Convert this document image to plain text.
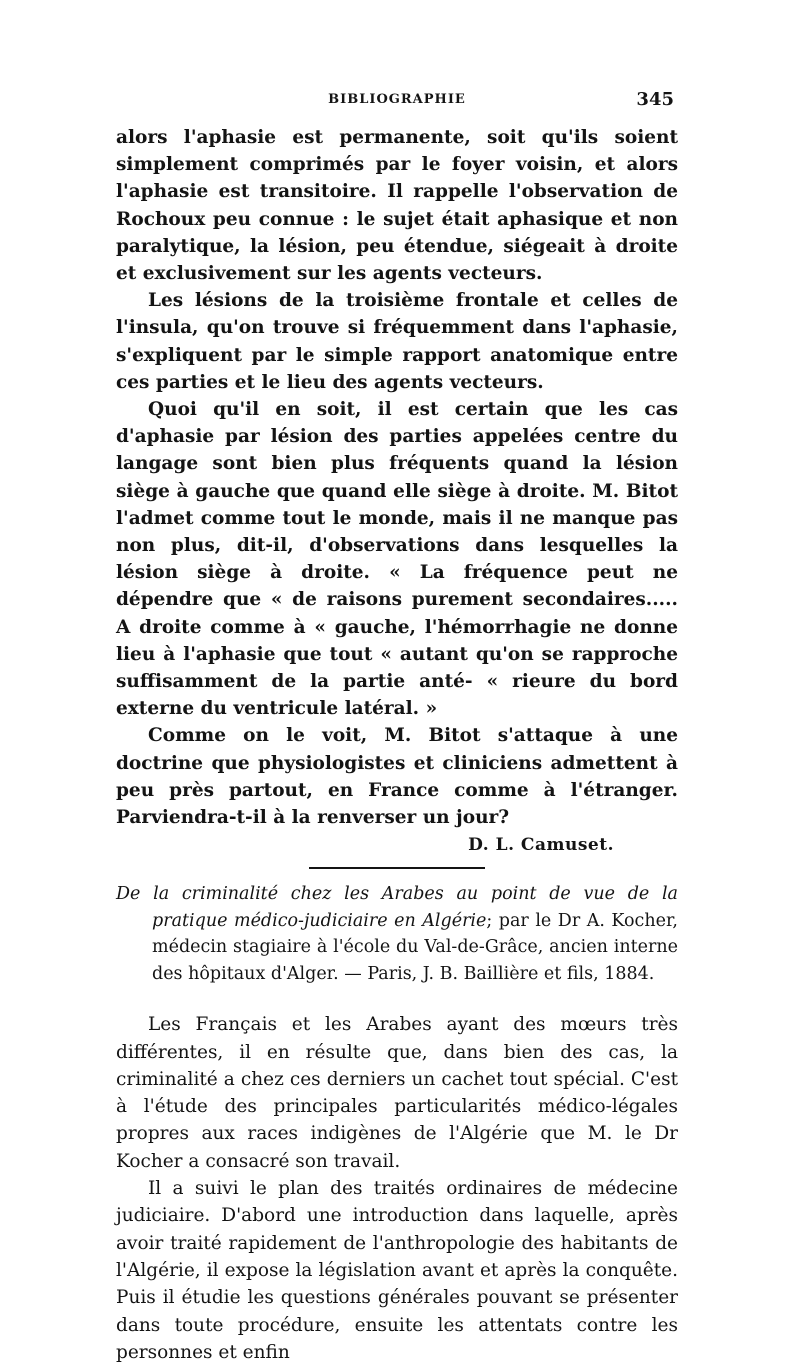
BIBLIOGRAPHIE	345

alors l'aphasie est permanente, soit qu'ils soient simplement comprimés par le foyer voisin, et alors l'aphasie est transitoire. Il rappelle l'observation de Rochoux peu connue : le sujet était aphasique et non paralytique, la lésion, peu étendue, siégeait à droite et exclusivement sur les agents vecteurs.

Les lésions de la troisième frontale et celles de l'insula, qu'on trouve si fréquemment dans l'aphasie, s'expliquent par le simple rapport anatomique entre ces parties et le lieu des agents vecteurs.

Quoi qu'il en soit, il est certain que les cas d'aphasie par lésion des parties appelées centre du langage sont bien plus fréquents quand la lésion siège à gauche que quand elle siège à droite. M. Bitot l'admet comme tout le monde, mais il ne manque pas non plus, dit-il, d'observations dans lesquelles la lésion siège à droite. « La fréquence peut ne dépendre que « de raisons purement secondaires..... A droite comme à « gauche, l'hémorrhagie ne donne lieu à l'aphasie que tout « autant qu'on se rapproche suffisamment de la partie anté- « rieure du bord externe du ventricule latéral. »

Comme on le voit, M. Bitot s'attaque à une doctrine que physiologistes et cliniciens admettent à peu près partout, en France comme à l'étranger. Parviendra-t-il à la renverser un jour?

D. L. Camuset.
De la criminalité chez les Arabes au point de vue de la pratique médico-judiciaire en Algérie; par le Dr A. Kocher, médecin stagiaire à l'école du Val-de-Grâce, ancien interne des hôpitaux d'Alger. — Paris, J. B. Baillière et fils, 1884.

Les Français et les Arabes ayant des mœurs très différentes, il en résulte que, dans bien des cas, la criminalité a chez ces derniers un cachet tout spécial. C'est à l'étude des principales particularités médico-légales propres aux races indigènes de l'Algérie que M. le Dr Kocher a consacré son travail.

Il a suivi le plan des traités ordinaires de médecine judiciaire. D'abord une introduction dans laquelle, après avoir traité rapidement de l'anthropologie des habitants de l'Algérie, il expose la législation avant et après la conquête. Puis il étudie les questions générales pouvant se présenter dans toute procédure, ensuite les attentats contre les personnes et enfin
